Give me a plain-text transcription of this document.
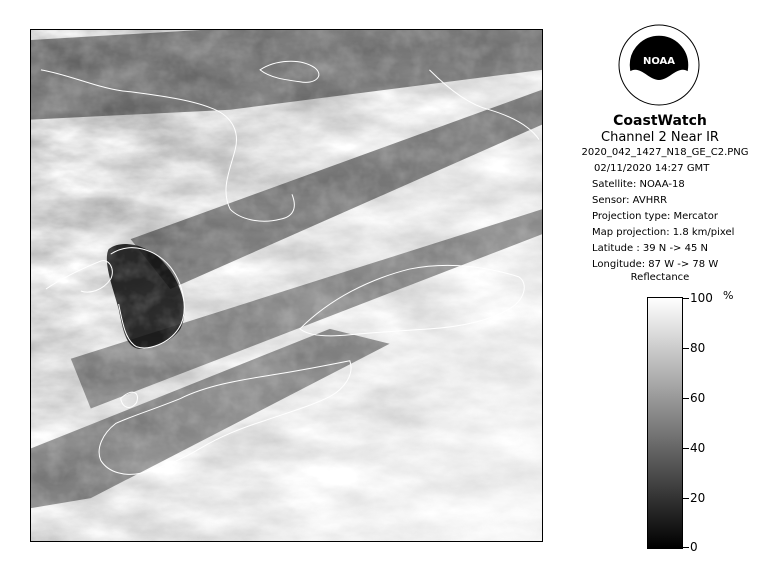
NOAA
CoastWatch
Channel 2 Near IR
2020_042_1427_N18_GE_C2.PNG
02/11/2020 14:27 GMT
Satellite: NOAA-18
Sensor: AVHRR
Projection type: Mercator
Map projection: 1.8 km/pixel
Latitude : 39 N -> 45 N
Longitude: 87 W -> 78 W
Reflectance
100 %
80
60
40
20
0
